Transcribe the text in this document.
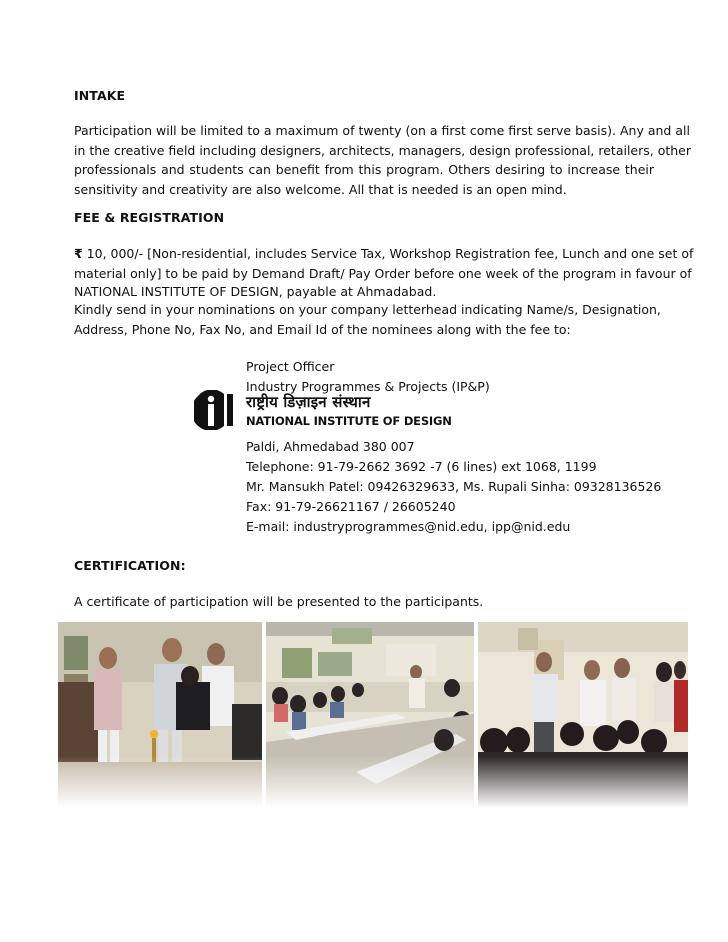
INTAKE
Participation will be limited to a maximum of twenty (on a first come first serve basis). Any and all
in the creative field including designers, architects, managers, design professional, retailers, other
professionals and students can benefit from this program. Others desiring to increase their
sensitivity and creativity are also welcome. All that is needed is an open mind.
FEE & REGISTRATION
₹ 10, 000/- [Non-residential, includes Service Tax, Workshop Registration fee, Lunch and one set of
material only] to be paid by Demand Draft/ Pay Order before one week of the program in favour of
NATIONAL INSTITUTE OF DESIGN, payable at Ahmadabad.
Kindly send in your nominations on your company letterhead indicating Name/s, Designation,
Address, Phone No, Fax No, and Email Id of the nominees along with the fee to:
Project Officer
Industry Programmes & Projects (IP&P)
राष्ट्रीय डिज़ाइन संस्थान
NATIONAL INSTITUTE OF DESIGN
Paldi, Ahmedabad 380 007
Telephone: 91-79-2662 3692 -7 (6 lines) ext 1068, 1199
Mr. Mansukh Patel: 09426329633, Ms. Rupali Sinha: 09328136526
Fax: 91-79-26621167 / 26605240
E-mail: industryprogrammes@nid.edu, ipp@nid.edu
CERTIFICATION:
A certificate of participation will be presented to the participants.
